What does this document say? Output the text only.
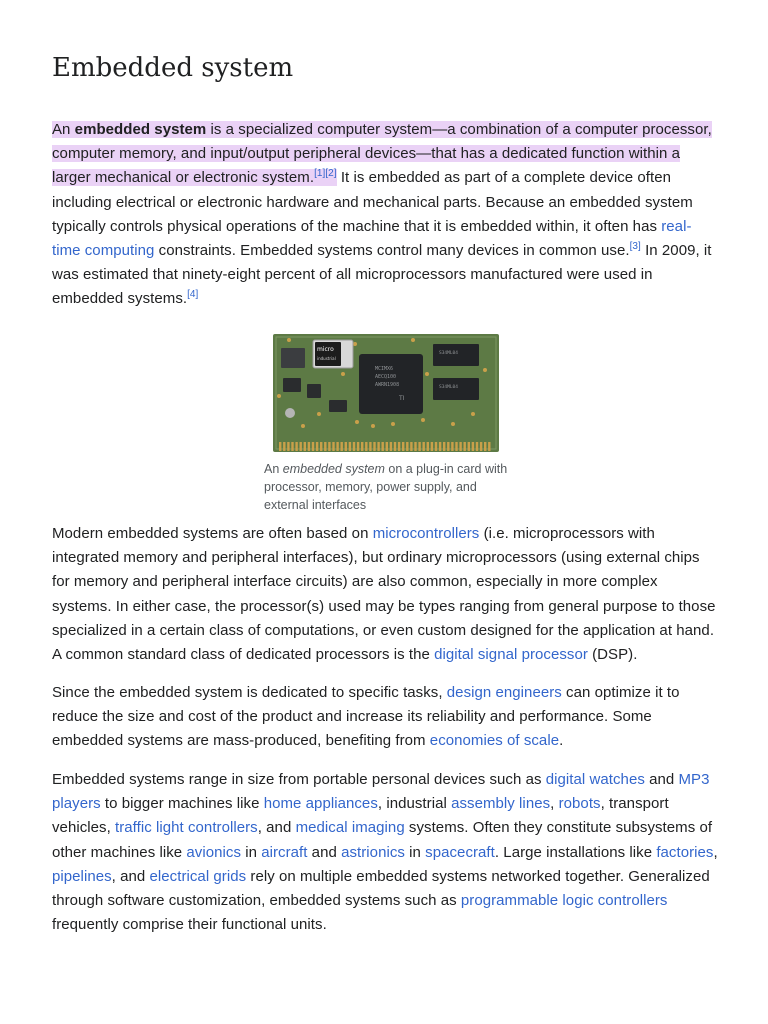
Embedded system

An embedded system is a specialized computer system—a combination of a computer processor, computer memory, and input/output peripheral devices—that has a dedicated function within a larger mechanical or electronic system.[1][2] It is embedded as part of a complete device often including electrical or electronic hardware and mechanical parts. Because an embedded system typically controls physical operations of the machine that it is embedded within, it often has real-time computing constraints. Embedded systems control many devices in common use.[3] In 2009, it was estimated that ninety-eight percent of all microprocessors manufactured were used in embedded systems.[4]

micro
industrial
MCIMX6
AECQ100
AWRN1908
TI
S34ML04
S34ML04
An embedded system on a plug-in card with processor, memory, power supply, and external interfaces

Modern embedded systems are often based on microcontrollers (i.e. microprocessors with integrated memory and peripheral interfaces), but ordinary microprocessors (using external chips for memory and peripheral interface circuits) are also common, especially in more complex systems. In either case, the processor(s) used may be types ranging from general purpose to those specialized in a certain class of computations, or even custom designed for the application at hand. A common standard class of dedicated processors is the digital signal processor (DSP).

Since the embedded system is dedicated to specific tasks, design engineers can optimize it to reduce the size and cost of the product and increase its reliability and performance. Some embedded systems are mass-produced, benefiting from economies of scale.

Embedded systems range in size from portable personal devices such as digital watches and MP3 players to bigger machines like home appliances, industrial assembly lines, robots, transport vehicles, traffic light controllers, and medical imaging systems. Often they constitute subsystems of other machines like avionics in aircraft and astrionics in spacecraft. Large installations like factories, pipelines, and electrical grids rely on multiple embedded systems networked together. Generalized through software customization, embedded systems such as programmable logic controllers frequently comprise their functional units.
